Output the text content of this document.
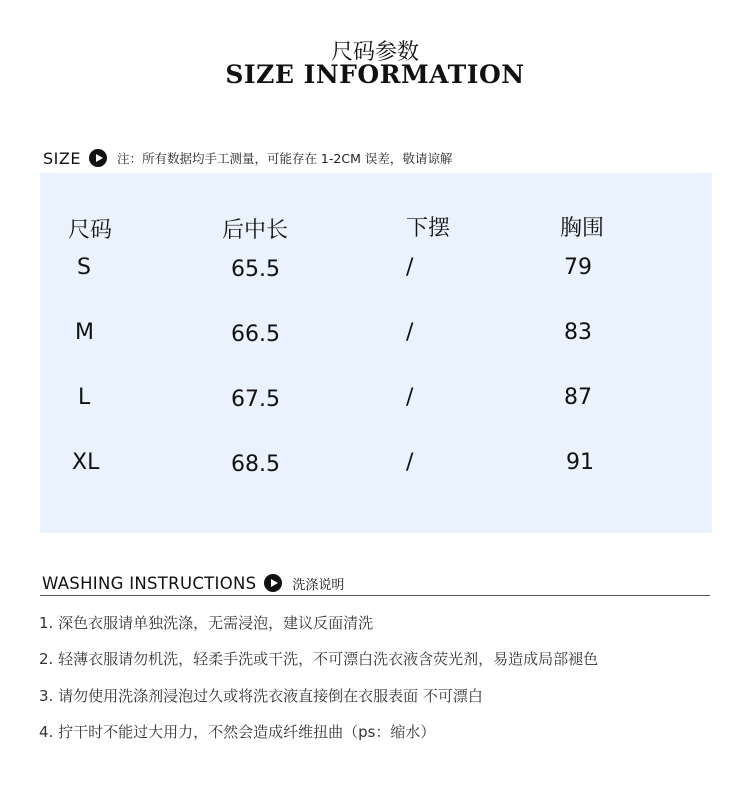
尺码参数
SIZE INFORMATION
SIZE	注：所有数据均手工测量，可能存在 1-2CM 误差，敬请谅解
尺码	后中长	下摆	胸围
S	65.5	/	79
M	66.5	/	83
L	67.5	/	87
XL	68.5	/	91
WASHING INSTRUCTIONS	洗涤说明
1. 深色衣服请单独洗涤，无需浸泡，建议反面清洗
2. 轻薄衣服请勿机洗，轻柔手洗或干洗，不可漂白洗衣液含荧光剂，易造成局部褪色
3. 请勿使用洗涤剂浸泡过久或将洗衣液直接倒在衣服表面 不可漂白
4. 拧干时不能过大用力，不然会造成纤维扭曲（ps：缩水）
